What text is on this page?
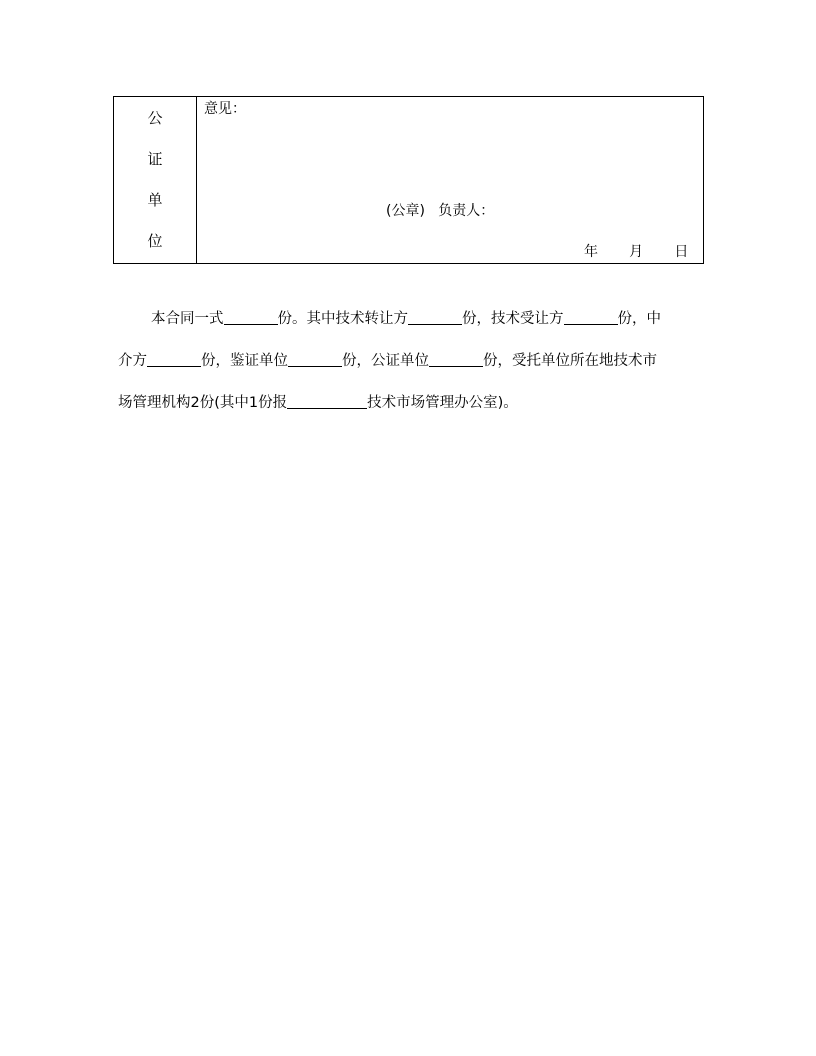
公
证
单
位
意见：
(公章) 负责人：
年 月 日
本合同一式	份。其中技术转让方	份，技术受让方	份，中
介方	份，鉴证单位	份，公证单位	份，受托单位所在地技术市
场管理机构2份(其中1份报	技术市场管理办公室)。
